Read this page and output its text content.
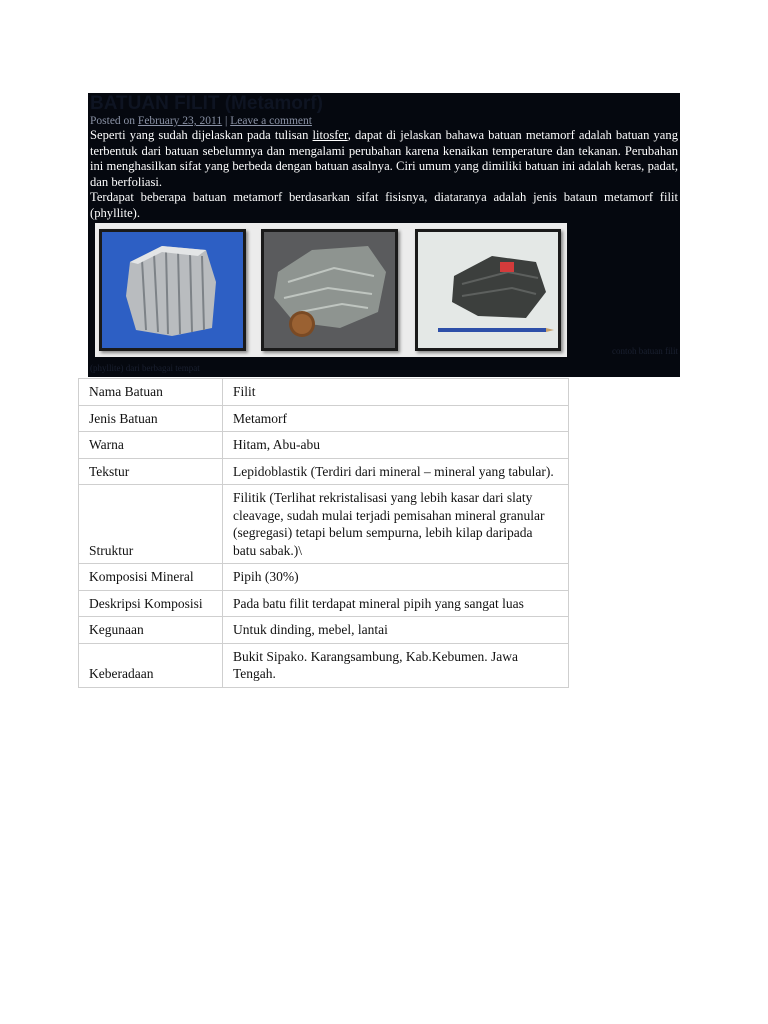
BATUAN FILIT (Metamorf)
Posted on February 23, 2011 | Leave a comment

Seperti yang sudah dijelaskan pada tulisan litosfer, dapat di jelaskan bahawa batuan metamorf adalah batuan yang terbentuk dari batuan sebelumnya dan mengalami perubahan karena kenaikan temperature dan tekanan. Perubahan ini menghasilkan sifat yang berbeda dengan batuan asalnya. Ciri umum yang dimiliki batuan ini adalah keras, padat, dan berfoliasi.

Terdapat beberapa batuan metamorf berdasarkan sifat fisisnya, diataranya adalah jenis bataun metamorf filit (phyllite).

contoh batuan filit
(phyllite) dari berbagai tempat
Nama Batuan	Filit
Jenis Batuan	Metamorf
Warna	Hitam, Abu-abu
Tekstur	Lepidoblastik (Terdiri dari mineral – mineral yang tabular).
Struktur	Filitik (Terlihat rekristalisasi yang lebih kasar dari slaty cleavage, sudah mulai terjadi pemisahan mineral granular (segregasi) tetapi belum sempurna, lebih kilap daripada batu sabak.)\
Komposisi Mineral	Pipih (30%)
Deskripsi Komposisi	Pada batu filit terdapat mineral pipih yang sangat luas
Kegunaan	Untuk dinding, mebel, lantai
Keberadaan	Bukit Sipako. Karangsambung, Kab.Kebumen. Jawa Tengah.
